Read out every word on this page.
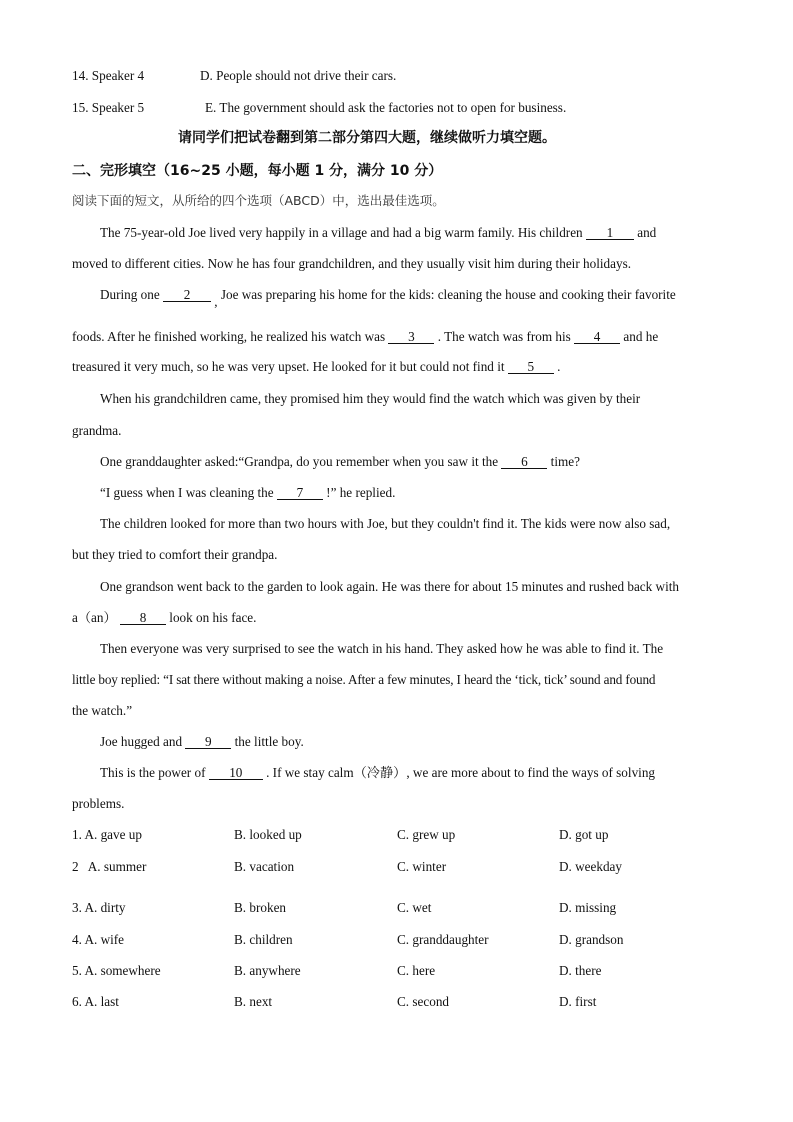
14. Speaker 4	D. People should not drive their cars.
15. Speaker 5	E. The government should ask the factories not to open for business.
请同学们把试卷翻到第二部分第四大题，继续做听力填空题。
二、完形填空（16~25 小题，每小题 1 分，满分 10 分）
阅读下面的短文，从所给的四个选项（ABCD）中，选出最佳选项。
The 75-year-old Joe lived very happily in a village and had a big warm family. His children 1 and
moved to different cities. Now he has four grandchildren, and they usually visit him during their holidays.
During one 2 , Joe was preparing his home for the kids: cleaning the house and cooking their favorite
foods. After he finished working, he realized his watch was 3 . The watch was from his 4 and he
treasured it very much, so he was very upset. He looked for it but could not find it 5 .
When his grandchildren came, they promised him they would find the watch which was given by their
grandma.
One granddaughter asked:“Grandpa, do you remember when you saw it the 6 time?
“I guess when I was cleaning the 7 !” he replied.
The children looked for more than two hours with Joe, but they couldn't find it. The kids were now also sad,
but they tried to comfort their grandpa.
One grandson went back to the garden to look again. He was there for about 15 minutes and rushed back with
a（an） 8 look on his face.
Then everyone was very surprised to see the watch in his hand. They asked how he was able to find it. The
little boy replied: “I sat there without making a noise. After a few minutes, I heard the ‘tick, tick’ sound and found
the watch.”
Joe hugged and 9 the little boy.
This is the power of 10 . If we stay calm（冷静）, we are more about to find the ways of solving
problems.
1. A. gave up	B. looked up	C. grew up	D. got up
2   A. summer	B. vacation	C. winter	D. weekday
3. A. dirty	B. broken	C. wet	D. missing
4. A. wife	B. children	C. granddaughter	D. grandson
5. A. somewhere	B. anywhere	C. here	D. there
6. A. last	B. next	C. second	D. first
